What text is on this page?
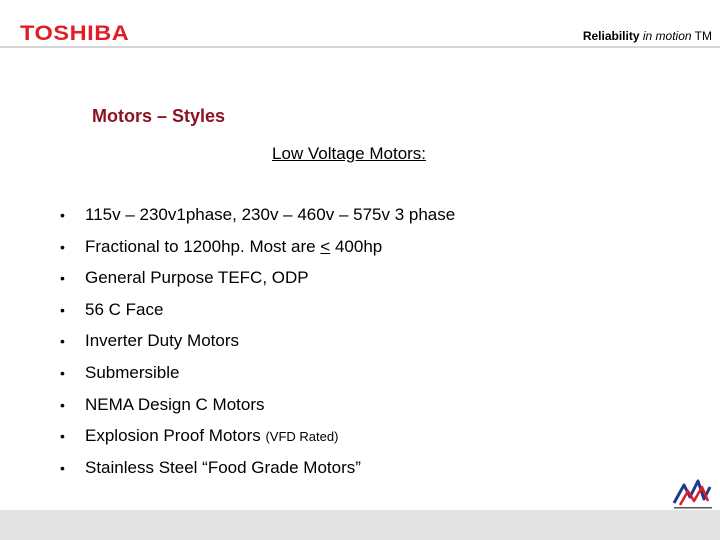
TOSHIBA	Reliability in motion TM
Motors – Styles
Low Voltage Motors:
• 115v – 230v1phase, 230v – 460v – 575v 3 phase
• Fractional to 1200hp. Most are < 400hp
• General Purpose TEFC, ODP
• 56 C Face
• Inverter Duty Motors
• Submersible
• NEMA Design C Motors
• Explosion Proof Motors (VFD Rated)
• Stainless Steel “Food Grade Motors”
